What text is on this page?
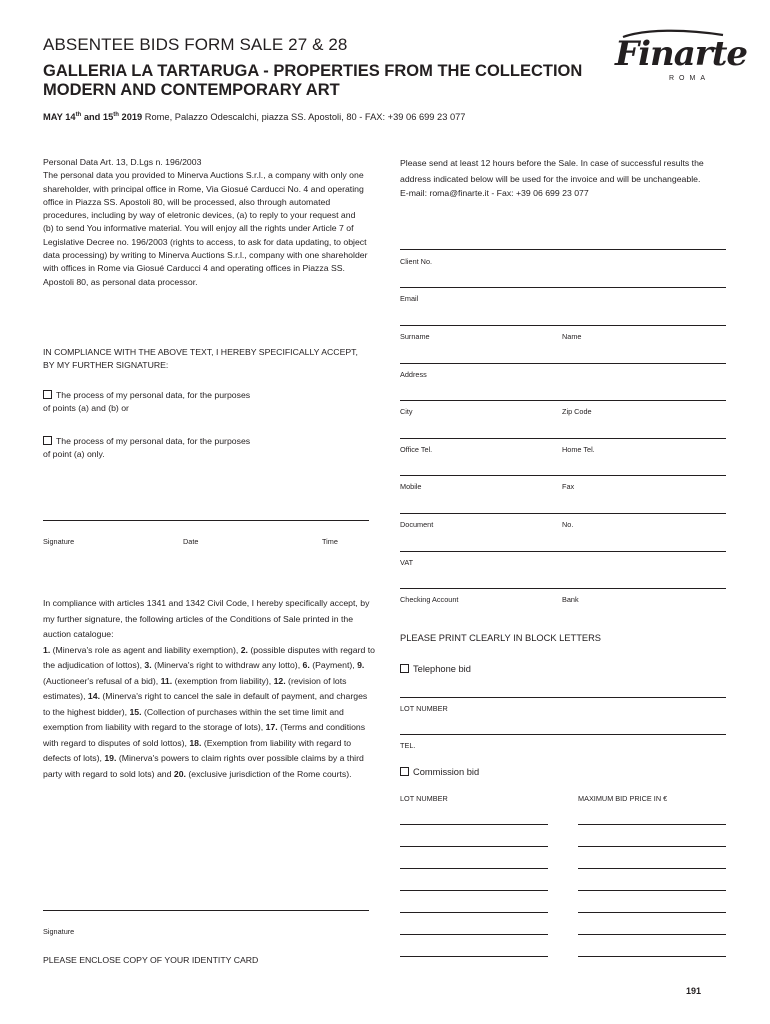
ABSENTEE BIDS FORM SALE 27 & 28
GALLERIA LA TARTARUGA - PROPERTIES FROM THE COLLECTION MODERN AND CONTEMPORARY ART
MAY 14th and 15th 2019 Rome, Palazzo Odescalchi, piazza SS. Apostoli, 80 - FAX: +39 06 699 23 077
Finarte
ROMA
Personal Data Art. 13, D.Lgs n. 196/2003
The personal data you provided to Minerva Auctions S.r.l., a company with only one shareholder, with principal office in Rome, Via Giosué Carducci No. 4 and operating office in Piazza SS. Apostoli 80, will be processed, also through automated procedures, including by way of eletronic devices, (a) to reply to your request and (b) to send You informative material. You will enjoy all the rights under Article 7 of Legislative Decree no. 196/2003 (rights to access, to ask for data updating, to object data processing) by writing to Minerva Auctions S.r.l., company with one shareholder with offices in Rome via Giosué Carducci 4 and operating offices in Piazza SS. Apostoli 80, as personal data processor.
Please send at least 12 hours before the Sale. In case of successful results the address indicated below will be used for the invoice and will be unchangeable.
E-mail: roma@finarte.it - Fax: +39 06 699 23 077
IN COMPLIANCE WITH THE ABOVE TEXT, I HEREBY SPECIFICALLY ACCEPT, BY MY FURTHER SIGNATURE:
The process of my personal data, for the purposes
of points (a) and (b) or
The process of my personal data, for the purposes
of point (a) only.
Signature	Date	Time
In compliance with articles 1341 and 1342 Civil Code, I hereby specifically accept, by my further signature, the following articles of the Conditions of Sale printed in the auction catalogue:
1. (Minerva's role as agent and liability exemption), 2. (possible disputes with regard to the adjudication of lottos), 3. (Minerva's right to withdraw any lotto), 6. (Payment), 9. (Auctioneer's refusal of a bid), 11. (exemption from liability), 12. (revision of lots estimates), 14. (Minerva's right to cancel the sale in default of payment, and charges to the highest bidder), 15. (Collection of purchases within the set time limit and exemption from liability with regard to the storage of lots), 17. (Terms and conditions with regard to disputes of sold lottos), 18. (Exemption from liability with regard to defects of lots), 19. (Minerva's powers to claim rights over possible claims by a third party with regard to sold lots) and 20. (exclusive jurisdiction of the Rome courts).
Signature
Client No.
Email
Surname	Name
Address
City	Zip Code
Office Tel.	Home Tel.
Mobile	Fax
Document	No.
VAT
Checking Account	Bank
PLEASE PRINT CLEARLY IN BLOCK LETTERS
Telephone bid
LOT NUMBER
TEL.
Commission bid
LOT NUMBER	MAXIMUM BID PRICE IN €
PLEASE ENCLOSE COPY OF YOUR IDENTITY CARD
191
